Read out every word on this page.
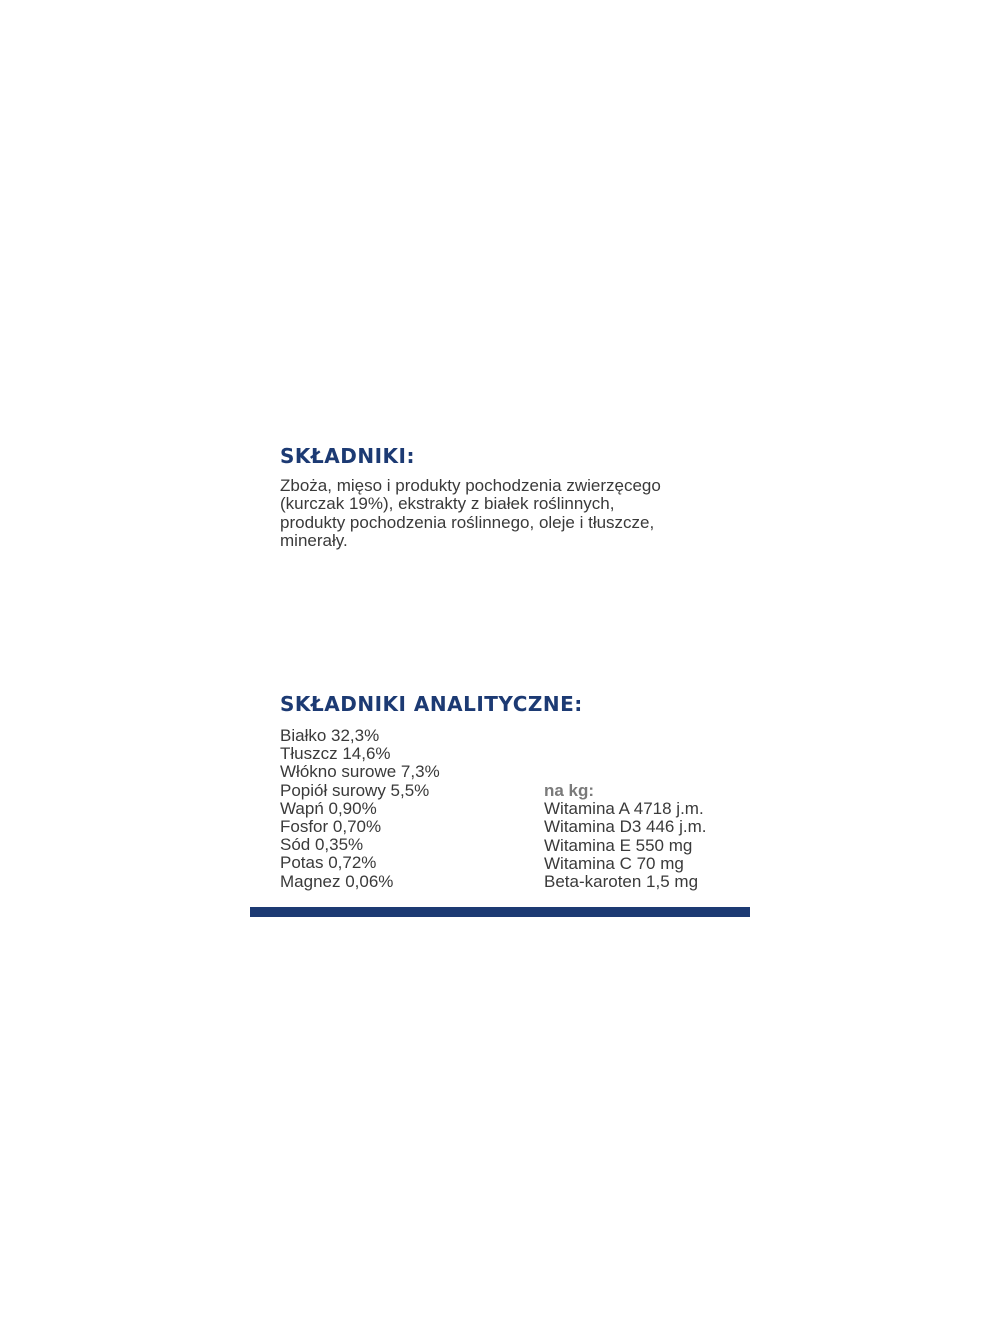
SKŁADNIKI:

Zboża, mięso i produkty pochodzenia zwierzęcego
(kurczak 19%), ekstrakty z białek roślinnych,
produkty pochodzenia roślinnego, oleje i tłuszcze,
minerały.

SKŁADNIKI ANALITYCZNE:
Białko 32,3%
Tłuszcz 14,6%
Włókno surowe 7,3%
Popiół surowy 5,5%
Wapń 0,90%
Fosfor 0,70%
Sód 0,35%
Potas 0,72%
Magnez 0,06%
na kg:
Witamina A 4718 j.m.
Witamina D3 446 j.m.
Witamina E 550 mg
Witamina C 70 mg
Beta-karoten 1,5 mg
